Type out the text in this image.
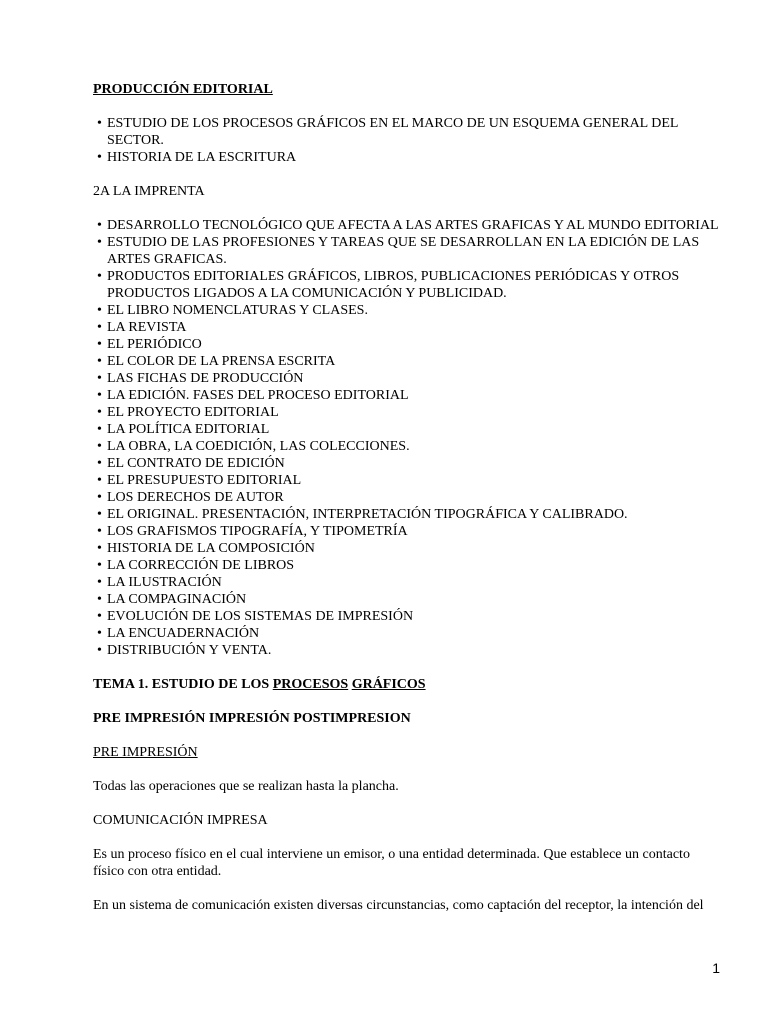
PRODUCCIÓN EDITORIAL

• ESTUDIO DE LOS PROCESOS GRÁFICOS EN EL MARCO DE UN ESQUEMA GENERAL DEL SECTOR.
• HISTORIA DE LA ESCRITURA

2A LA IMPRENTA

• DESARROLLO TECNOLÓGICO QUE AFECTA A LAS ARTES GRAFICAS Y AL MUNDO EDITORIAL
• ESTUDIO DE LAS PROFESIONES Y TAREAS QUE SE DESARROLLAN EN LA EDICIÓN DE LAS ARTES GRAFICAS.
• PRODUCTOS EDITORIALES GRÁFICOS, LIBROS, PUBLICACIONES PERIÓDICAS Y OTROS PRODUCTOS LIGADOS A LA COMUNICACIÓN Y PUBLICIDAD.
• EL LIBRO NOMENCLATURAS Y CLASES.
• LA REVISTA
• EL PERIÓDICO
• EL COLOR DE LA PRENSA ESCRITA
• LAS FICHAS DE PRODUCCIÓN
• LA EDICIÓN. FASES DEL PROCESO EDITORIAL
• EL PROYECTO EDITORIAL
• LA POLÍTICA EDITORIAL
• LA OBRA, LA COEDICIÓN, LAS COLECCIONES.
• EL CONTRATO DE EDICIÓN
• EL PRESUPUESTO EDITORIAL
• LOS DERECHOS DE AUTOR
• EL ORIGINAL. PRESENTACIÓN, INTERPRETACIÓN TIPOGRÁFICA Y CALIBRADO.
• LOS GRAFISMOS TIPOGRAFÍA, Y TIPOMETRÍA
• HISTORIA DE LA COMPOSICIÓN
• LA CORRECCIÓN DE LIBROS
• LA ILUSTRACIÓN
• LA COMPAGINACIÓN
• EVOLUCIÓN DE LOS SISTEMAS DE IMPRESIÓN
• LA ENCUADERNACIÓN
• DISTRIBUCIÓN Y VENTA.

TEMA 1. ESTUDIO DE LOS PROCESOS GRÁFICOS

PRE IMPRESIÓN IMPRESIÓN POSTIMPRESION

PRE IMPRESIÓN

Todas las operaciones que se realizan hasta la plancha.

COMUNICACIÓN IMPRESA

Es un proceso físico en el cual interviene un emisor, o una entidad determinada. Que establece un contacto físico con otra entidad.

En un sistema de comunicación existen diversas circunstancias, como captación del receptor, la intención del

1
